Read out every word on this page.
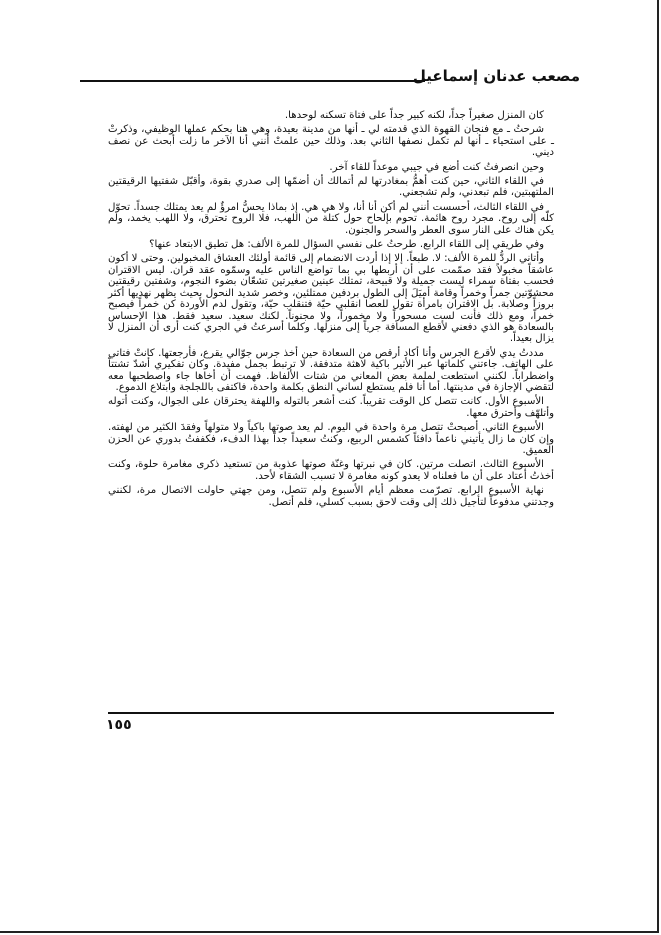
مصعب عدنان إسماعيل

كان المنزل صغيراً جداً، لكنه كبير جداً على فتاة تسكنه لوحدها.

شرحتُ ـ مع فنجان القهوة الذي قدمته لي ـ أنها من مدينة بعيدة، وهي هنا بحكم عملها الوظيفي، وذكرتْ ـ على استحياء ـ أنها لم تكمل نصفها الثاني بعد. وذلك حين علمتْ أنني أنا الآخر ما زلت أبحث عن نصف ديني.

وحين انصرفتُ كنت أضع في جيبي موعداً للقاء آخر.

في اللقاء الثاني، حين كنت أهمُّ بمغادرتها لم أتمالك أن أضمّها إلى صدري بقوة، وأقبّل شفتيها الرقيقتين الملتهبتين، فلم تبعدني، ولم تشجعني.

في اللقاء الثالث، أحسست أنني لم أكن أنا أنا، ولا هي هي. إذ بماذا يحسُّ امرؤٌ لم يعد يمتلك جسداً. تحوّل كلّه إلى روح. مجرد روح هائمة. تحوم بإلحاح حول كتلة من اللهب، فلا الروح تحترق، ولا اللهب يخمد، ولم يكن هناك على النار سوى العطر والسحر والجنون.

وفي طريقي إلى اللقاء الرابع. طرحتُ على نفسي السؤال للمرة الألف: هل تطيق الابتعاد عنها؟

وأتاني الردُّ للمرة الألف: لا. طبعاً. إلا إذا أردت الانضمام إلى قائمة أولئك العشاق المخبولين. وحتى لا أكون عاشقاً مخبولاً فقد صمّمت على أن أربطها بي بما تواضع الناس عليه وسمّوه عقد قران. ليس الاقتران فحسب بفتاة سمراء ليست جميلة ولا قبيحة، تمتلك عينين صغيرتين تشعّان بضوء النجوم، وشفتين رقيقتين محشوّتين جمراً وخمراً وقامة أميَلَ إلى الطول بردفين ممتلئين، وخصر شديد النحول بحيث يظهر نهديها أكثر بروزاً وصلابة. بل الاقتران بامرأة تقول للعصا انقلبي حيّة فتنقلب حيّة، وتقول لدم الأوردة كن خمراً فيصبح خمراً، ومع ذلك فأنت لست مسحوراً ولا مخموراً، ولا مجنوناً. لكنك سعيد. سعيد فقط. هذا الإحساس بالسعادة هو الذي دفعني لأقطع المسافة جرياً إلى منزلها. وكلما أسرعتُ في الجري كنت أرى أن المنزل لا يزال بعيداً.

مددتُ يدي لأقرع الجرس وأنا أكاد أرقص من السعادة حين أخذ جرس جوّالي يقرع، فأرجعتها. كانتْ فتاتي على الهاتف. جاءتني كلماتها عبر الأثير باكية لاهثة متدفقة. لا ترتبط بجمل مفيدة. وكان تفكيري أشدّ تشتتاً واضطراباً. لكنني استطعت لملمة بعض المعاني من شتات الألفاظ. فهمت أن أخاها جاء واصطحبها معه لتقضي الإجازة في مدينتها. أما أنا فلم يستطع لساني النطق بكلمة واحدة، فاكتفى باللجلجة وابتلاع الدموع.

الأسبوع الأول. كانت تتصل كل الوقت تقريباً. كنت أشعر بالتوله واللهفة يحترقان على الجوال، وكنت أتوله وأتلهّف وأحترق معها.

الأسبوع الثاني. أصبحتْ تتصل مرة واحدة في اليوم. لم يعد صوتها باكياً ولا متولهاً وفقدَ الكثير من لهفته. وإن كان ما زال يأتيني ناعماً دافئاً كشمس الربيع، وكنتُ سعيداً جداً بهذا الدفء، فكففتُ بدوري عن الحزن العميق.

الأسبوع الثالث. اتصلت مرتين. كان في نبرتها وغنّة صوتها عذوبة من تستعيد ذكرى مغامرة حلوة، وكنت أخذتُ أعتاد على أن ما فعلناه لا يعدو كونه مغامرة لا تسبب الشقاء لأحد.

نهاية الأسبوع الرابع. تصرّمت معظم أيام الأسبوع ولم تتصل، ومن جهتي حاولت الاتصال مرة، لكنني وجدتني مدفوعاً لتأجيل ذلك إلى وقت لاحق بسبب كسلي، فلم أتصل.

١٥٥
